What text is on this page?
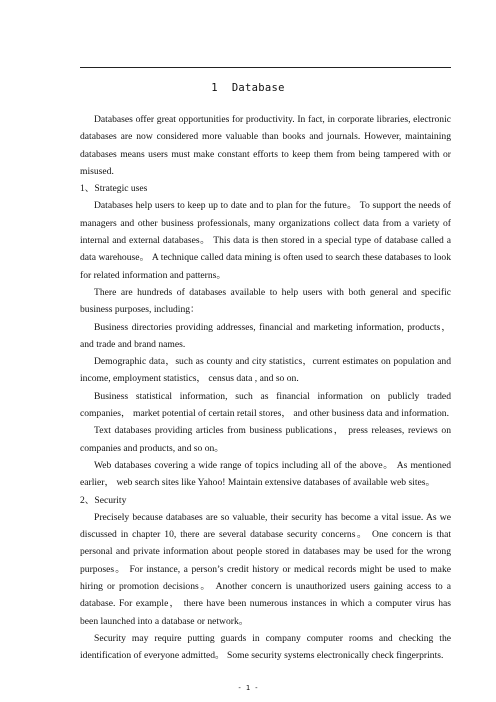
1 Database

Databases offer great opportunities for productivity. In fact, in corporate libraries, electronic databases are now considered more valuable than books and journals. However, maintaining databases means users must make constant efforts to keep them from being tampered with or misused.

1、Strategic uses

Databases help users to keep up to date and to plan for the future。 To support the needs of managers and other business professionals, many organizations collect data from a variety of internal and external databases。 This data is then stored in a special type of database called a data warehouse。 A technique called data mining is often used to search these databases to look for related information and patterns。

There are hundreds of databases available to help users with both general and specific business purposes, including：

Business directories providing addresses, financial and marketing information, products，and trade and brand names.

Demographic data，such as county and city statistics，current estimates on population and income, employment statistics， census data , and so on.

Business statistical information, such as financial information on publicly traded companies， market potential of certain retail stores， and other business data and information.

Text databases providing articles from business publications， press releases, reviews on companies and products, and so on。

Web databases covering a wide range of topics including all of the above。 As mentioned earlier， web search sites like Yahoo! Maintain extensive databases of available web sites。

2、Security

Precisely because databases are so valuable, their security has become a vital issue. As we discussed in chapter 10, there are several database security concerns。 One concern is that personal and private information about people stored in databases may be used for the wrong purposes。 For instance, a person’s credit history or medical records might be used to make hiring or promotion decisions。 Another concern is unauthorized users gaining access to a database. For example， there have been numerous instances in which a computer virus has been launched into a database or network。

Security may require putting guards in company computer rooms and checking the identification of everyone admitted。 Some security systems electronically check fingerprints.

- 1 -
